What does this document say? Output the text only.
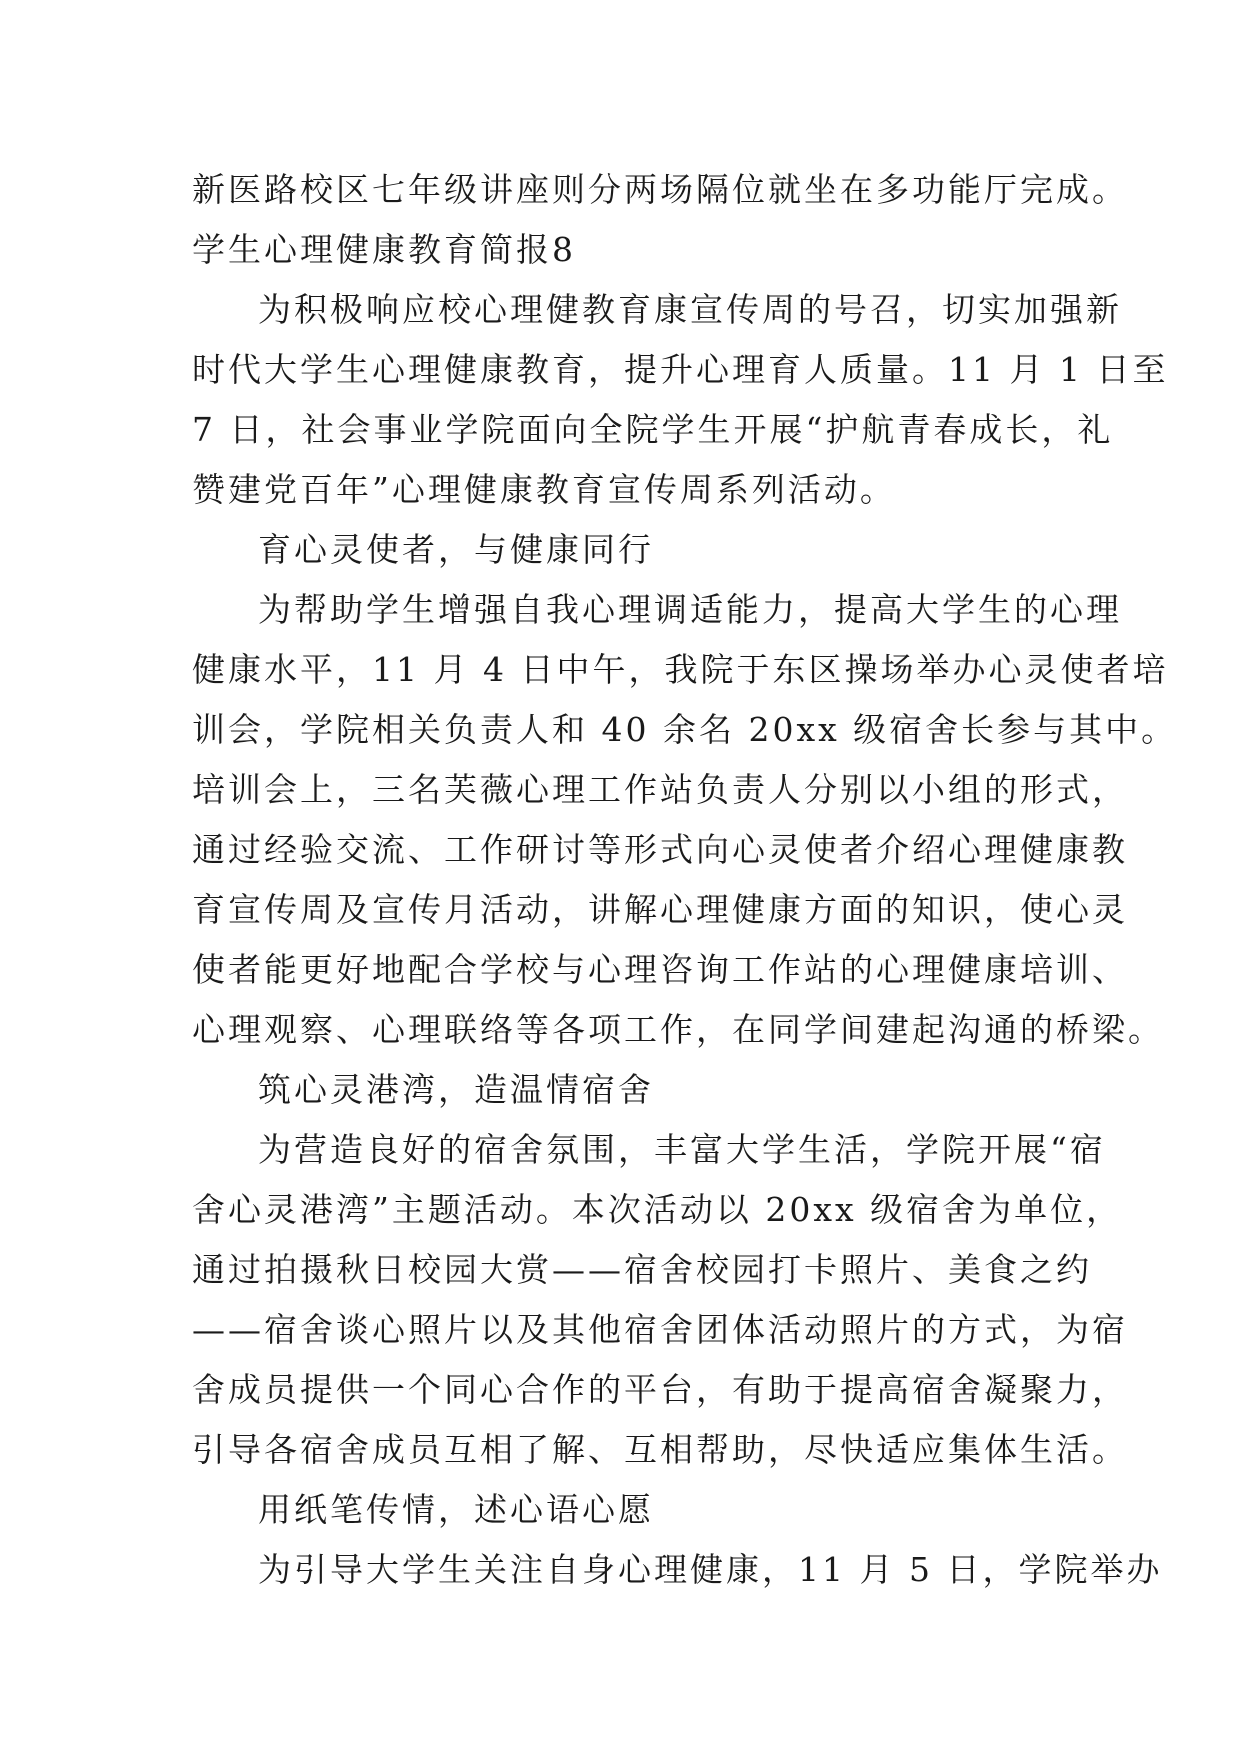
新医路校区七年级讲座则分两场隔位就坐在多功能厅完成。
学生心理健康教育简报8
为积极响应校心理健教育康宣传周的号召，切实加强新
时代大学生心理健康教育，提升心理育人质量。11 月 1 日至
7 日，社会事业学院面向全院学生开展“护航青春成长，礼
赞建党百年”心理健康教育宣传周系列活动。
育心灵使者，与健康同行
为帮助学生增强自我心理调适能力，提高大学生的心理
健康水平，11 月 4 日中午，我院于东区操场举办心灵使者培
训会，学院相关负责人和 40 余名 20xx 级宿舍长参与其中。
培训会上，三名芙薇心理工作站负责人分别以小组的形式，
通过经验交流、工作研讨等形式向心灵使者介绍心理健康教
育宣传周及宣传月活动，讲解心理健康方面的知识，使心灵
使者能更好地配合学校与心理咨询工作站的心理健康培训、
心理观察、心理联络等各项工作，在同学间建起沟通的桥梁。
筑心灵港湾，造温情宿舍
为营造良好的宿舍氛围，丰富大学生活，学院开展“宿
舍心灵港湾”主题活动。本次活动以 20xx 级宿舍为单位，
通过拍摄秋日校园大赏——宿舍校园打卡照片、美食之约
——宿舍谈心照片以及其他宿舍团体活动照片的方式，为宿
舍成员提供一个同心合作的平台，有助于提高宿舍凝聚力，
引导各宿舍成员互相了解、互相帮助，尽快适应集体生活。
用纸笔传情，述心语心愿
为引导大学生关注自身心理健康，11 月 5 日，学院举办
